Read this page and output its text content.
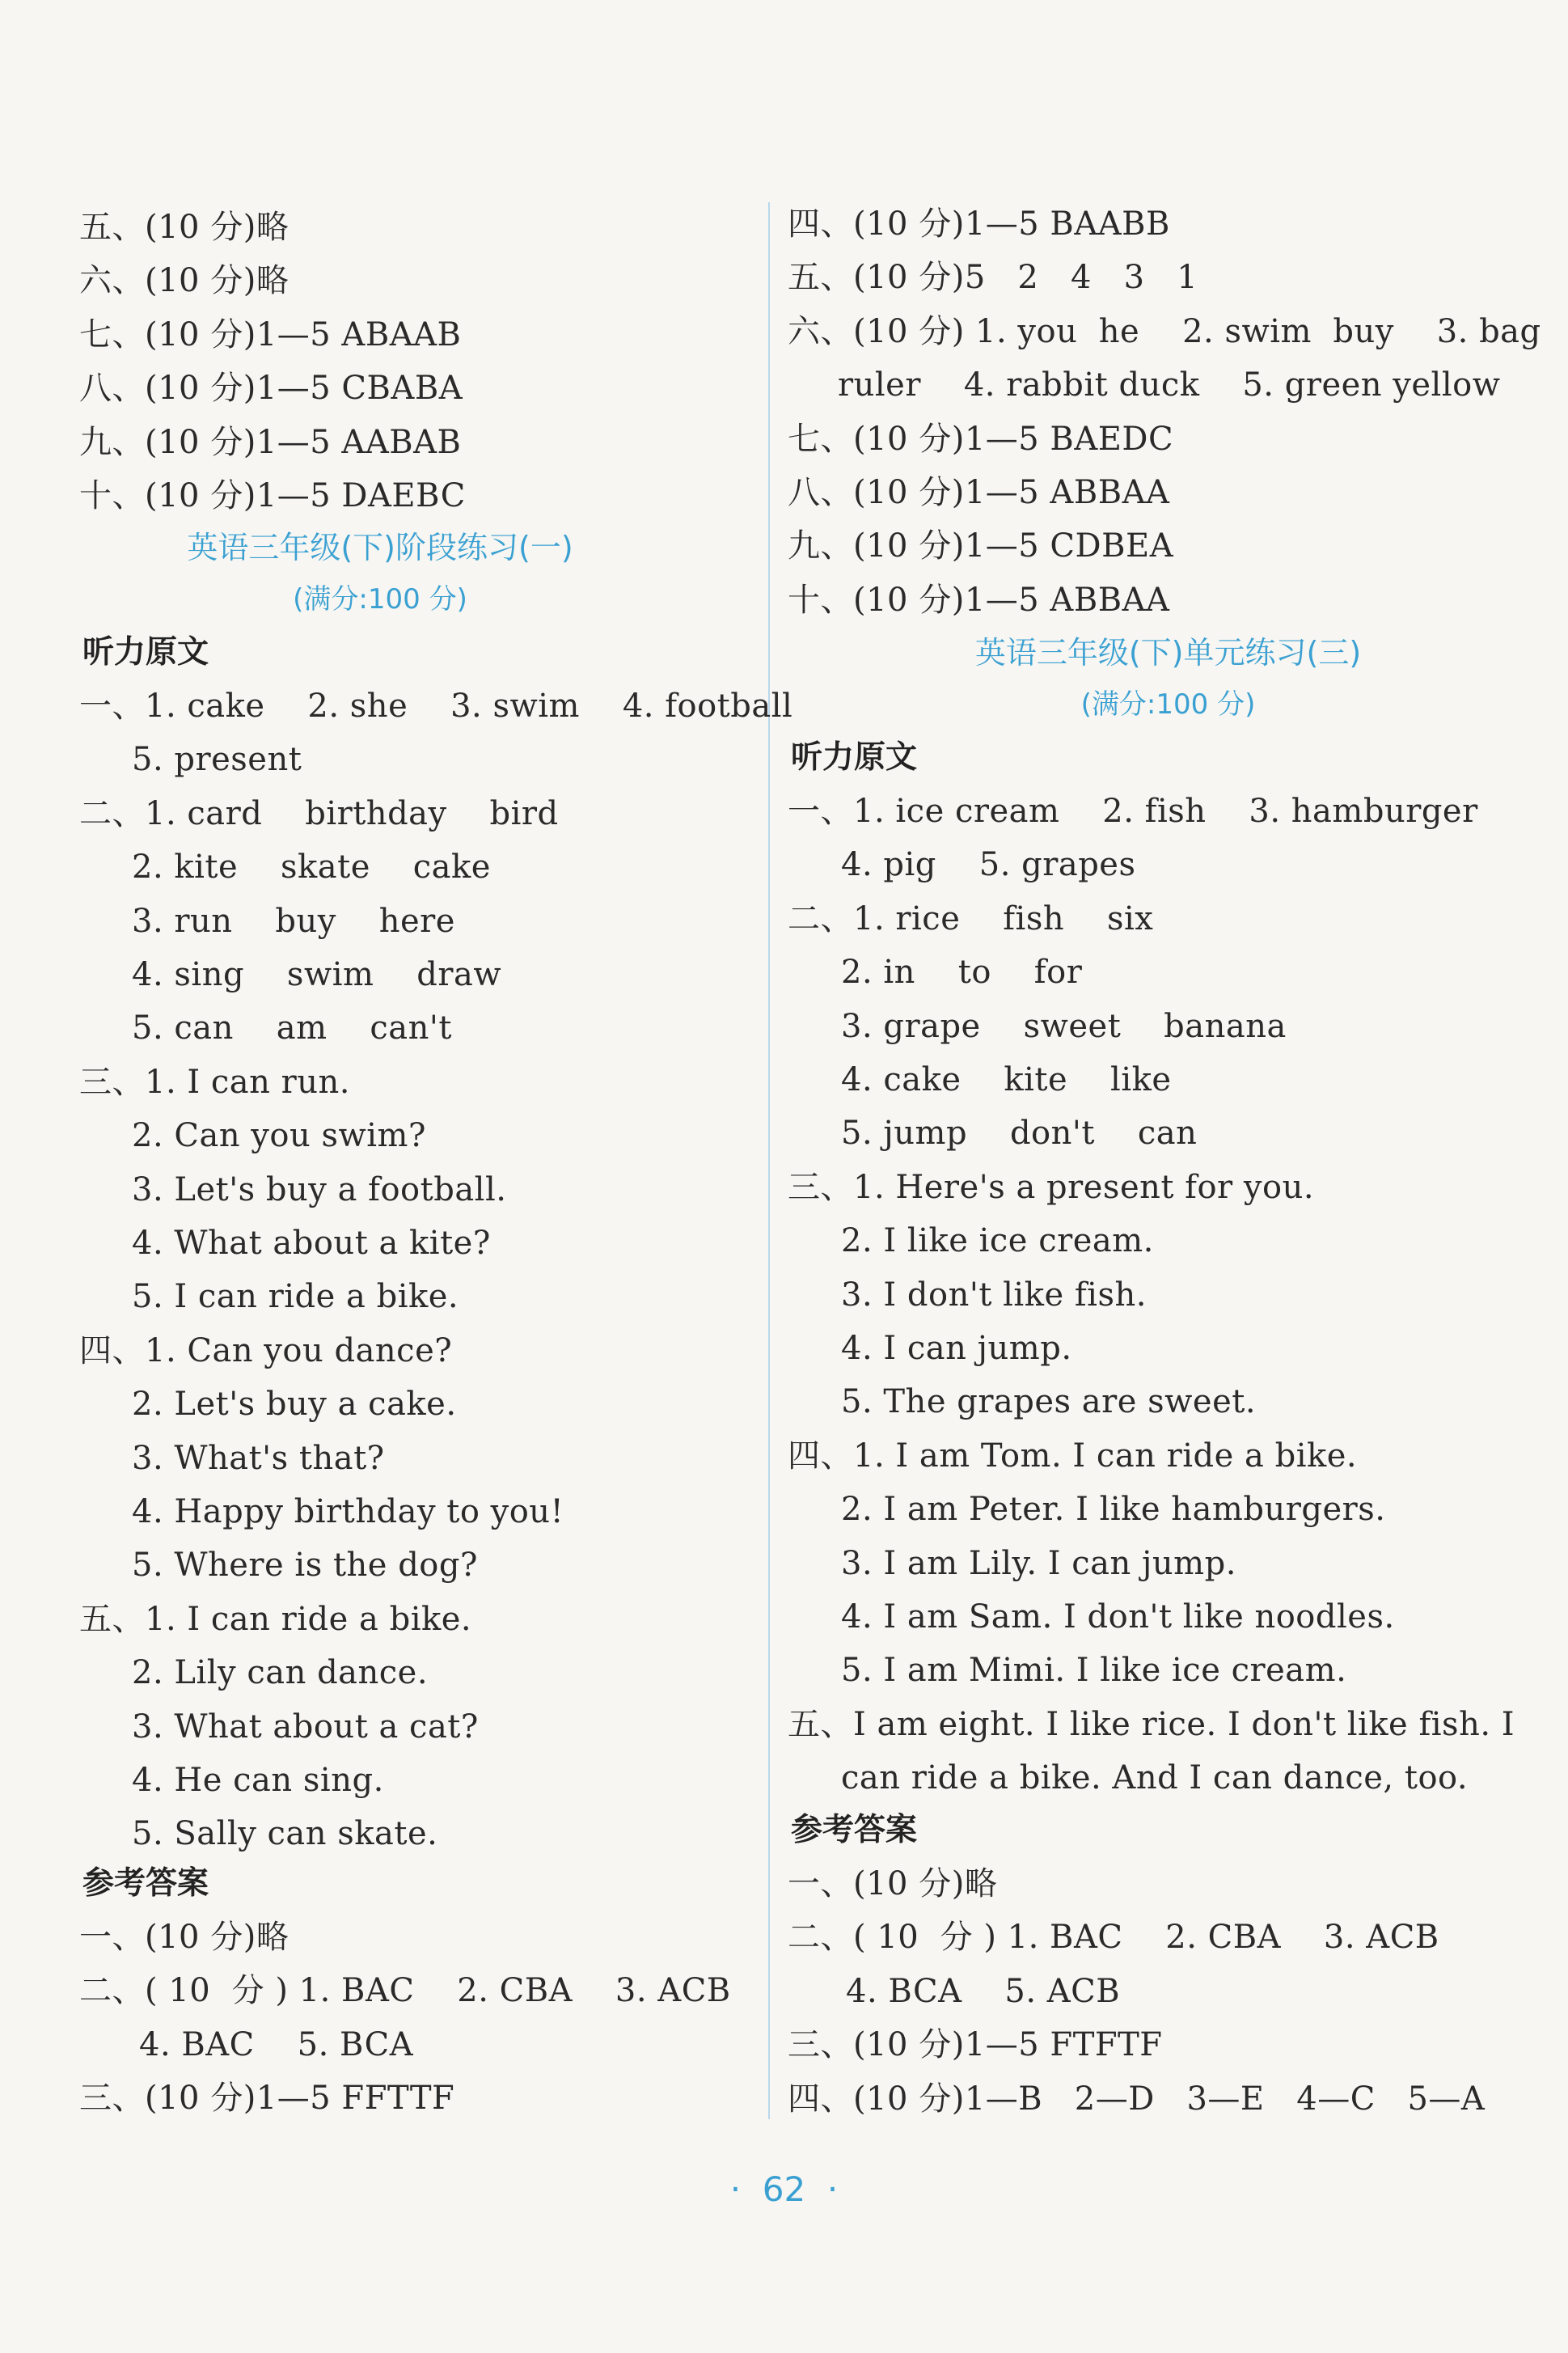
五、(10 分)略
六、(10 分)略
七、(10 分)1—5 ABAAB
八、(10 分)1—5 CBABA
九、(10 分)1—5 AABAB
十、(10 分)1—5 DAEBC
英语三年级(下)阶段练习(一)
(满分:100 分)
听力原文
一、1. cake    2. she    3. swim    4. football
5. present
二、1. card    birthday    bird
2. kite    skate    cake
3. run    buy    here
4. sing    swim    draw
5. can    am    can't
三、1. I can run.
2. Can you swim?
3. Let's buy a football.
4. What about a kite?
5. I can ride a bike.
四、1. Can you dance?
2. Let's buy a cake.
3. What's that?
4. Happy birthday to you!
5. Where is the dog?
五、1. I can ride a bike.
2. Lily can dance.
3. What about a cat?
4. He can sing.
5. Sally can skate.
参考答案
一、(10 分)略
二、( 10  分 ) 1. BAC    2. CBA    3. ACB
4. BAC    5. BCA
三、(10 分)1—5 FFTTF
四、(10 分)1—5 BAABB
五、(10 分)5   2   4   3   1
六、(10 分) 1. you  he    2. swim  buy    3. bag
ruler    4. rabbit duck    5. green yellow
七、(10 分)1—5 BAEDC
八、(10 分)1—5 ABBAA
九、(10 分)1—5 CDBEA
十、(10 分)1—5 ABBAA
英语三年级(下)单元练习(三)
(满分:100 分)
听力原文
一、1. ice cream    2. fish    3. hamburger
4. pig    5. grapes
二、1. rice    fish    six
2. in    to    for
3. grape    sweet    banana
4. cake    kite    like
5. jump    don't    can
三、1. Here's a present for you.
2. I like ice cream.
3. I don't like fish.
4. I can jump.
5. The grapes are sweet.
四、1. I am Tom. I can ride a bike.
2. I am Peter. I like hamburgers.
3. I am Lily. I can jump.
4. I am Sam. I don't like noodles.
5. I am Mimi. I like ice cream.
五、I am eight. I like rice. I don't like fish. I
can ride a bike. And I can dance, too.
参考答案
一、(10 分)略
二、( 10  分 ) 1. BAC    2. CBA    3. ACB
4. BCA    5. ACB
三、(10 分)1—5 FTFTF
四、(10 分)1—B   2—D   3—E   4—C   5—A
·  62  ·
